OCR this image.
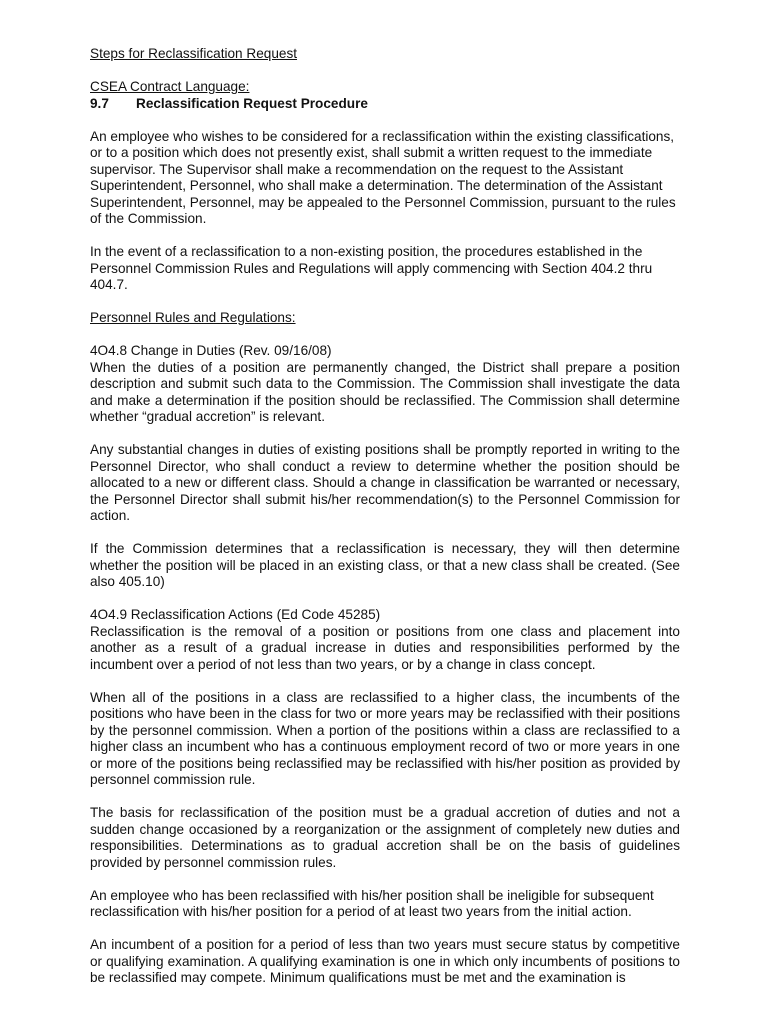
Steps for Reclassification Request

CSEA Contract Language:

9.7	Reclassification Request Procedure

An employee who wishes to be considered for a reclassification within the existing classifications, or to a position which does not presently exist, shall submit a written request to the immediate supervisor. The Supervisor shall make a recommendation on the request to the Assistant Superintendent, Personnel, who shall make a determination. The determination of the Assistant Superintendent, Personnel, may be appealed to the Personnel Commission, pursuant to the rules of the Commission.

In the event of a reclassification to a non-existing position, the procedures established in the Personnel Commission Rules and Regulations will apply commencing with Section 404.2 thru 404.7.

Personnel Rules and Regulations:

4O4.8 Change in Duties (Rev. 09/16/08)

When the duties of a position are permanently changed, the District shall prepare a position description and submit such data to the Commission. The Commission shall investigate the data and make a determination if the position should be reclassified. The Commission shall determine whether “gradual accretion” is relevant.

Any substantial changes in duties of existing positions shall be promptly reported in writing to the Personnel Director, who shall conduct a review to determine whether the position should be allocated to a new or different class. Should a change in classification be warranted or necessary, the Personnel Director shall submit his/her recommendation(s) to the Personnel Commission for action.

If the Commission determines that a reclassification is necessary, they will then determine whether the position will be placed in an existing class, or that a new class shall be created. (See also 405.10)

4O4.9 Reclassification Actions (Ed Code 45285)

Reclassification is the removal of a position or positions from one class and placement into another as a result of a gradual increase in duties and responsibilities performed by the incumbent over a period of not less than two years, or by a change in class concept.

When all of the positions in a class are reclassified to a higher class, the incumbents of the positions who have been in the class for two or more years may be reclassified with their positions by the personnel commission. When a portion of the positions within a class are reclassified to a higher class an incumbent who has a continuous employment record of two or more years in one or more of the positions being reclassified may be reclassified with his/her position as provided by personnel commission rule.

The basis for reclassification of the position must be a gradual accretion of duties and not a sudden change occasioned by a reorganization or the assignment of completely new duties and responsibilities. Determinations as to gradual accretion shall be on the basis of guidelines provided by personnel commission rules.

An employee who has been reclassified with his/her position shall be ineligible for subsequent reclassification with his/her position for a period of at least two years from the initial action.

An incumbent of a position for a period of less than two years must secure status by competitive or qualifying examination. A qualifying examination is one in which only incumbents of positions to be reclassified may compete. Minimum qualifications must be met and the examination is
